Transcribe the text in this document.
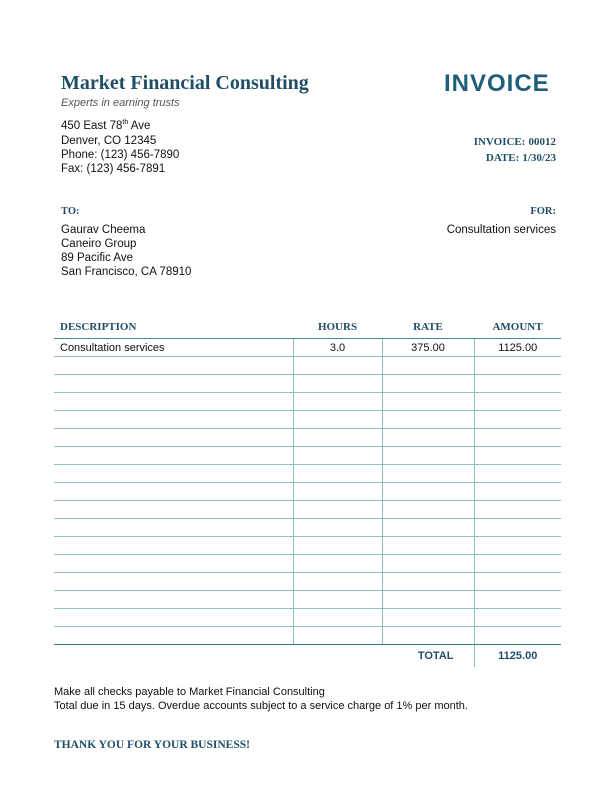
Market Financial Consulting
Experts in earning trusts
INVOICE
450 East 78th Ave
Denver, CO 12345
Phone: (123) 456-7890
Fax: (123) 456-7891
INVOICE: 00012
DATE: 1/30/23
TO:	FOR:
Consultation services
Gaurav Cheema
Caneiro Group
89 Pacific Ave
San Francisco, CA 78910
DESCRIPTION	HOURS	RATE	AMOUNT
Consultation services	3.0	375.00	1125.00

		TOTAL	1125.00
Make all checks payable to Market Financial Consulting
Total due in 15 days. Overdue accounts subject to a service charge of 1% per month.
THANK YOU FOR YOUR BUSINESS!
